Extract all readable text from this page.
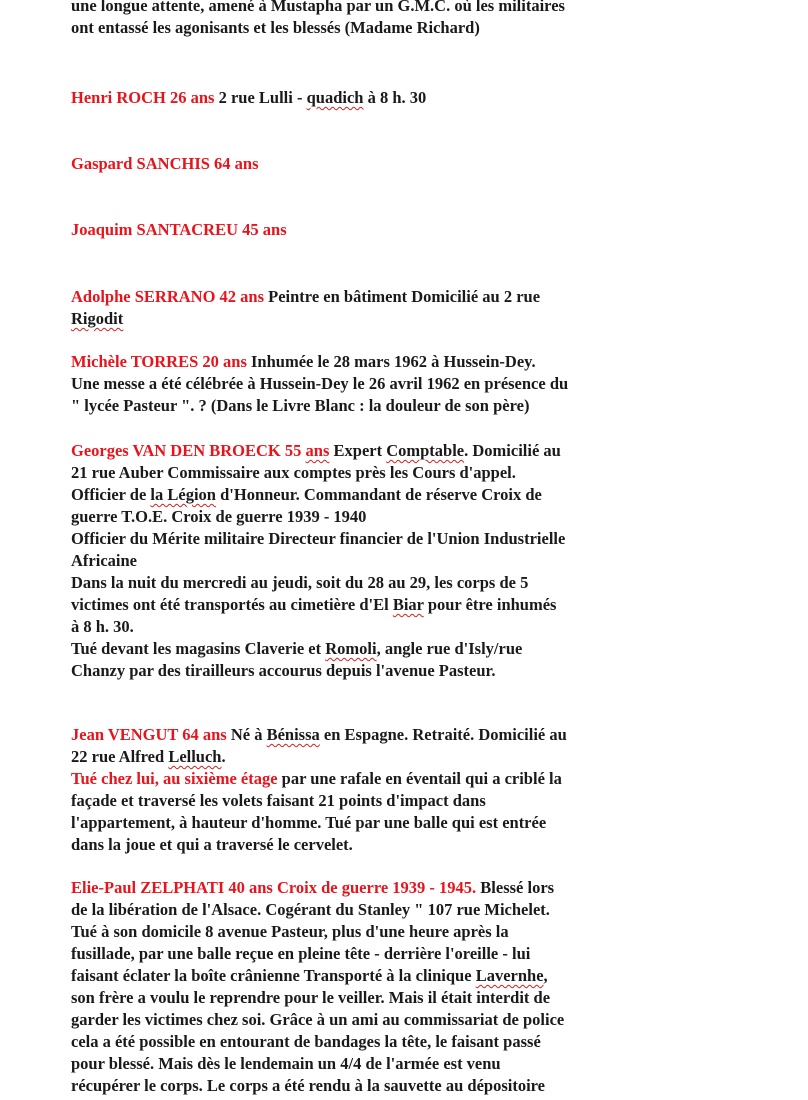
une longue attente, amené à Mustapha par un G.M.C. où les militaires
ont entassé les agonisants et les blessés (Madame Richard)
Henri ROCH 26 ans 2 rue Lulli - quadich à 8 h. 30
Gaspard SANCHIS 64 ans
Joaquim SANTACREU 45 ans
Adolphe SERRANO 42 ans Peintre en bâtiment Domicilié au 2 rue
Rigodit
Michèle TORRES 20 ans Inhumée le 28 mars 1962 à Hussein-Dey.
Une messe a été célébrée à Hussein-Dey le 26 avril 1962 en présence du
" lycée Pasteur ". ? (Dans le Livre Blanc : la douleur de son père)
Georges VAN DEN BROECK 55 ans Expert Comptable. Domicilié au
21 rue Auber Commissaire aux comptes près les Cours d'appel.
Officier de la Légion d'Honneur. Commandant de réserve Croix de
guerre T.O.E. Croix de guerre 1939 - 1940
Officier du Mérite militaire Directeur financier de l'Union Industrielle
Africaine
Dans la nuit du mercredi au jeudi, soit du 28 au 29, les corps de 5
victimes ont été transportés au cimetière d'El Biar pour être inhumés
à 8 h. 30.
Tué devant les magasins Claverie et Romoli, angle rue d'Isly/rue
Chanzy par des tirailleurs accourus depuis l'avenue Pasteur.
Jean VENGUT 64 ans Né à Bénissa en Espagne. Retraité. Domicilié au
22 rue Alfred Lelluch.
Tué chez lui, au sixième étage par une rafale en éventail qui a criblé la
façade et traversé les volets faisant 21 points d'impact dans
l'appartement, à hauteur d'homme. Tué par une balle qui est entrée
dans la joue et qui a traversé le cervelet.
Elie-Paul ZELPHATI 40 ans Croix de guerre 1939 - 1945. Blessé lors
de la libération de l'Alsace. Cogérant du Stanley " 107 rue Michelet.
Tué à son domicile 8 avenue Pasteur, plus d'une heure après la
fusillade, par une balle reçue en pleine tête - derrière l'oreille - lui
faisant éclater la boîte crânienne Transporté à la clinique Lavernhe,
son frère a voulu le reprendre pour le veiller. Mais il était interdit de
garder les victimes chez soi. Grâce à un ami au commissariat de police
cela a été possible en entourant de bandages la tête, le faisant passé
pour blessé. Mais dès le lendemain un 4/4 de l'armée est venu
récupérer le corps. Le corps a été rendu à la sauvette au dépositoire
